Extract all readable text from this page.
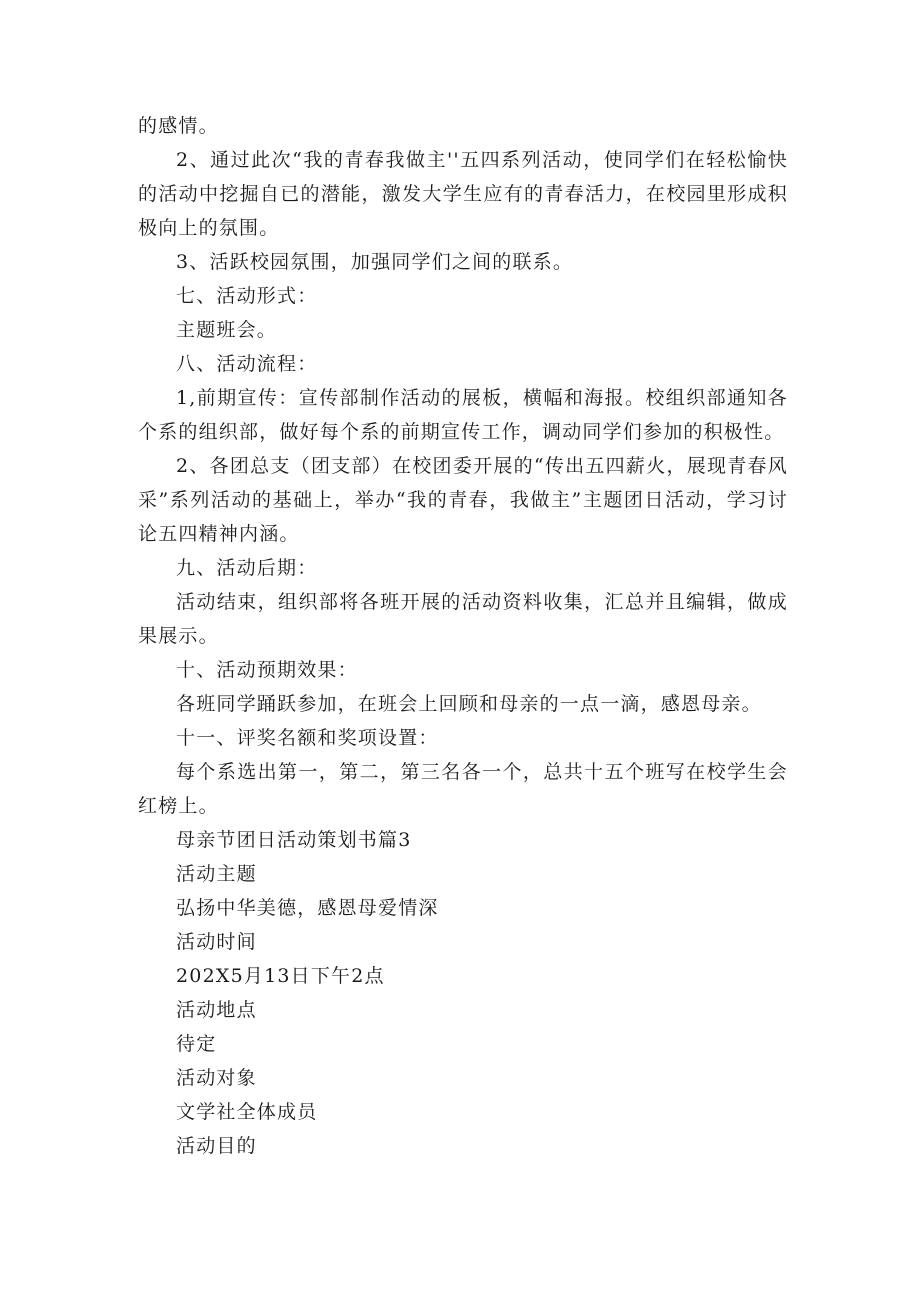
的感情。

2、通过此次“我的青春我做主''五四系列活动，使同学们在轻松愉快的活动中挖掘自已的潜能，激发大学生应有的青春活力，在校园里形成积极向上的氛围。

3、活跃校园氛围，加强同学们之间的联系。

七、活动形式：

主题班会。

八、活动流程：

1,前期宣传：宣传部制作活动的展板，横幅和海报。校组织部通知各个系的组织部，做好每个系的前期宣传工作，调动同学们参加的积极性。

2、各团总支（团支部）在校团委开展的“传出五四薪火，展现青春风采”系列活动的基础上，举办“我的青春，我做主”主题团日活动，学习讨论五四精神内涵。

九、活动后期：

活动结束，组织部将各班开展的活动资料收集，汇总并且编辑，做成果展示。

十、活动预期效果：

各班同学踊跃参加，在班会上回顾和母亲的一点一滴，感恩母亲。

十一、评奖名额和奖项设置：

每个系选出第一，第二，第三名各一个，总共十五个班写在校学生会红榜上。

母亲节团日活动策划书篇3

活动主题

弘扬中华美德，感恩母爱情深

活动时间

202X5月13日下午2点

活动地点

待定

活动对象

文学社全体成员

活动目的
